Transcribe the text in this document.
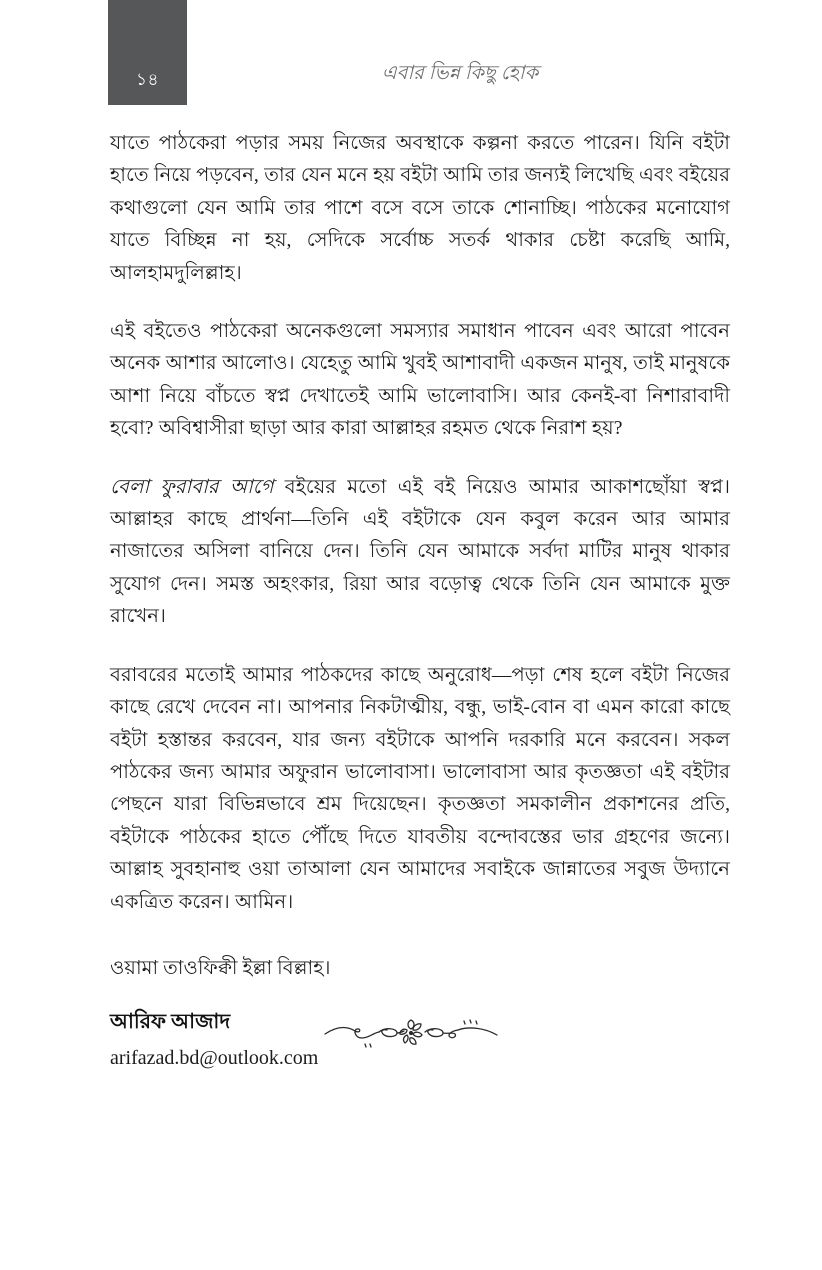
১৪	এবার ভিন্ন কিছু হোক

যাতে পাঠকেরা পড়ার সময় নিজের অবস্থাকে কল্পনা করতে পারেন। যিনি বইটা হাতে নিয়ে পড়বেন, তার যেন মনে হয় বইটা আমি তার জন্যই লিখেছি এবং বইয়ের কথাগুলো যেন আমি তার পাশে বসে বসে তাকে শোনাচ্ছি। পাঠকের মনোযোগ যাতে বিচ্ছিন্ন না হয়, সেদিকে সর্বোচ্চ সতর্ক থাকার চেষ্টা করেছি আমি, আলহামদুলিল্লাহ।

এই বইতেও পাঠকেরা অনেকগুলো সমস্যার সমাধান পাবেন এবং আরো পাবেন অনেক আশার আলোও। যেহেতু আমি খুবই আশাবাদী একজন মানুষ, তাই মানুষকে আশা নিয়ে বাঁচতে স্বপ্ন দেখাতেই আমি ভালোবাসি। আর কেনই-বা নিশারাবাদী হবো? অবিশ্বাসীরা ছাড়া আর কারা আল্লাহর রহমত থেকে নিরাশ হয়?

বেলা ফুরাবার আগে বইয়ের মতো এই বই নিয়েও আমার আকাশছোঁয়া স্বপ্ন। আল্লাহর কাছে প্রার্থনা—তিনি এই বইটাকে যেন কবুল করেন আর আমার নাজাতের অসিলা বানিয়ে দেন। তিনি যেন আমাকে সর্বদা মাটির মানুষ থাকার সুযোগ দেন। সমস্ত অহংকার, রিয়া আর বড়োত্ব থেকে তিনি যেন আমাকে মুক্ত রাখেন।

বরাবরের মতোই আমার পাঠকদের কাছে অনুরোধ—পড়া শেষ হলে বইটা নিজের কাছে রেখে দেবেন না। আপনার নিকটাত্মীয়, বন্ধু, ভাই-বোন বা এমন কারো কাছে বইটা হস্তান্তর করবেন, যার জন্য বইটাকে আপনি দরকারি মনে করবেন। সকল পাঠকের জন্য আমার অফুরান ভালোবাসা। ভালোবাসা আর কৃতজ্ঞতা এই বইটার পেছনে যারা বিভিন্নভাবে শ্রম দিয়েছেন। কৃতজ্ঞতা সমকালীন প্রকাশনের প্রতি, বইটাকে পাঠকের হাতে পৌঁছে দিতে যাবতীয় বন্দোবস্তের ভার গ্রহণের জন্যে। আল্লাহ সুবহানাহু ওয়া তাআলা যেন আমাদের সবাইকে জান্নাতের সবুজ উদ্যানে একত্রিত করেন। আমিন।

ওয়ামা তাওফিক্বী ইল্লা বিল্লাহ।

আরিফ আজাদ

arifazad.bd@outlook.com
